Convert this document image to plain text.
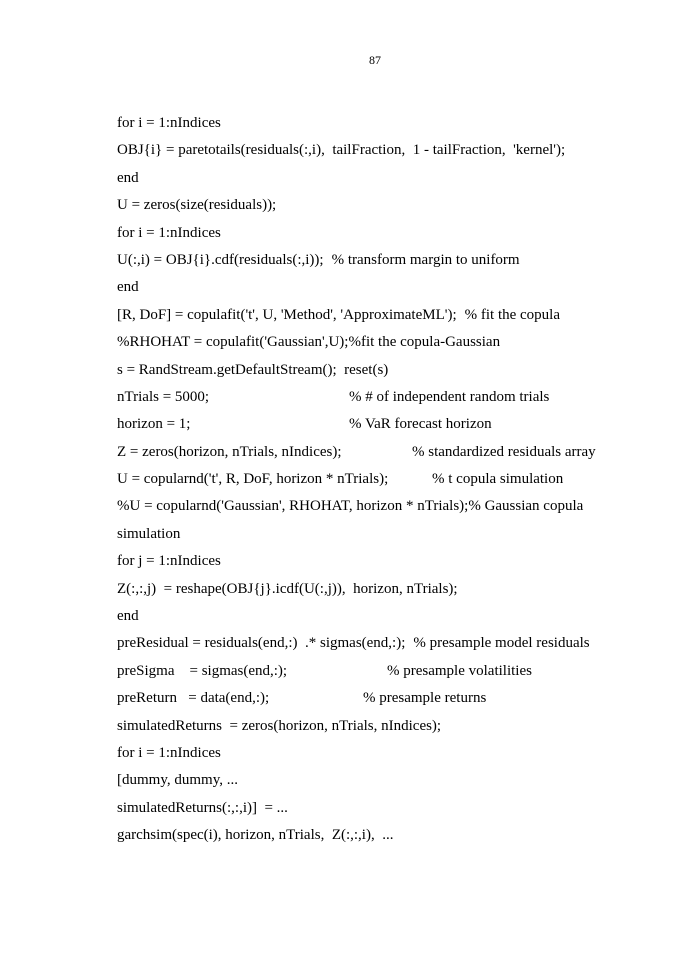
87
for i = 1:nIndices
OBJ{i} = paretotails(residuals(:,i),  tailFraction,  1 - tailFraction,  'kernel');
end
U = zeros(size(residuals));
for i = 1:nIndices
U(:,i) = OBJ{i}.cdf(residuals(:,i)); % transform margin to uniform
end
[R, DoF] = copulafit('t', U, 'Method', 'ApproximateML'); % fit the copula
%RHOHAT = copulafit('Gaussian',U);%fit the copula-Gaussian
s = RandStream.getDefaultStream();  reset(s)
nTrials = 5000;	% # of independent random trials
horizon = 1;	% VaR forecast horizon
Z = zeros(horizon, nTrials, nIndices);	% standardized residuals array
U = copularnd('t', R, DoF, horizon * nTrials);	% t copula simulation
%U = copularnd('Gaussian', RHOHAT, horizon * nTrials);% Gaussian copula
simulation
for j = 1:nIndices
Z(:,:,j)  = reshape(OBJ{j}.icdf(U(:,j)),  horizon, nTrials);
end
preResidual = residuals(end,:)  .* sigmas(end,:); % presample model residuals
preSigma    = sigmas(end,:);	% presample volatilities
preReturn   = data(end,:);	% presample returns
simulatedReturns  = zeros(horizon, nTrials, nIndices);
for i = 1:nIndices
[dummy, dummy, ...
simulatedReturns(:,:,i)]  = ...
garchsim(spec(i), horizon, nTrials,  Z(:,:,i),  ...
